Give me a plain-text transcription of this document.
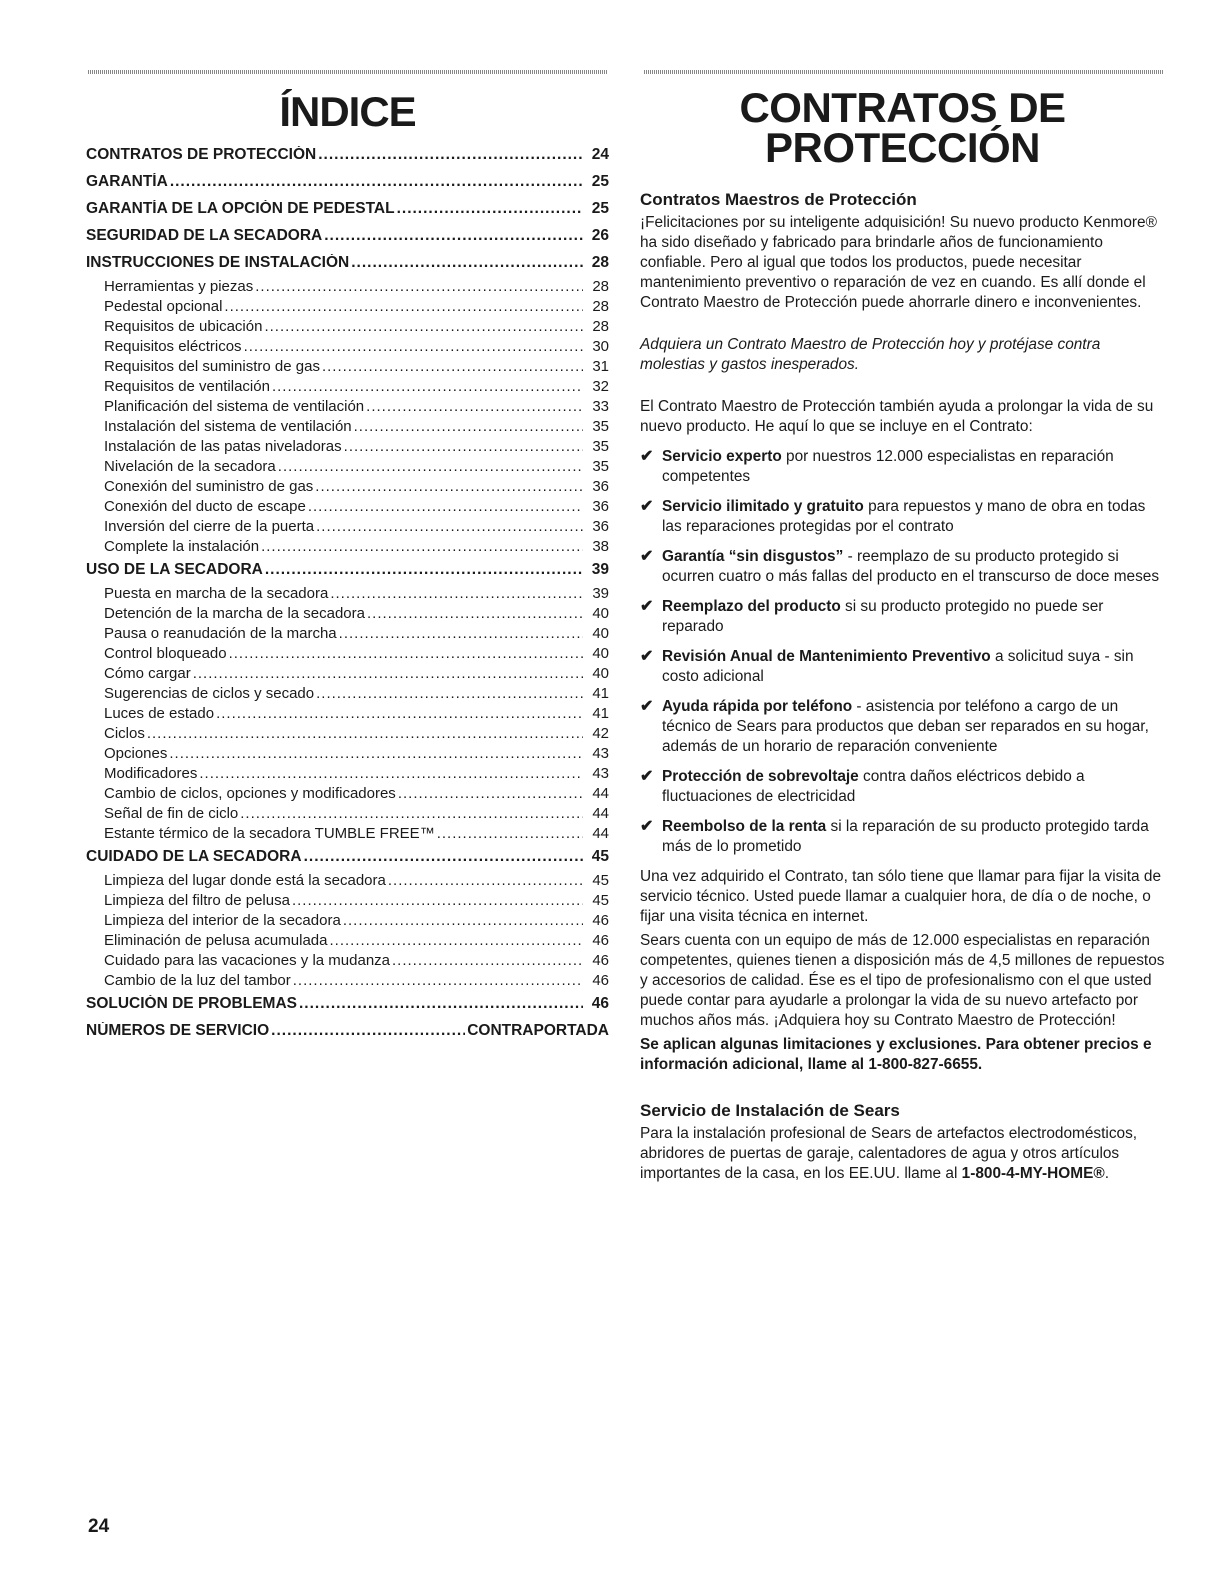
ÍNDICE
CONTRATOS DE PROTECCIÓN .....	24
GARANTÍA .....	25
GARANTÍA DE LA OPCIÓN DE PEDESTAL .....	25
SEGURIDAD DE LA SECADORA .....	26
INSTRUCCIONES DE INSTALACIÓN .....	28
Herramientas y piezas .....	28
Pedestal opcional .....	28
Requisitos de ubicación .....	28
Requisitos eléctricos .....	30
Requisitos del suministro de gas .....	31
Requisitos de ventilación .....	32
Planificación del sistema de ventilación .....	33
Instalación del sistema de ventilación .....	35
Instalación de las patas niveladoras .....	35
Nivelación de la secadora .....	35
Conexión del suministro de gas .....	36
Conexión del ducto de escape .....	36
Inversión del cierre de la puerta .....	36
Complete la instalación .....	38
USO DE LA SECADORA .....	39
Puesta en marcha de la secadora .....	39
Detención de la marcha de la secadora .....	40
Pausa o reanudación de la marcha .....	40
Control bloqueado .....	40
Cómo cargar .....	40
Sugerencias de ciclos y secado .....	41
Luces de estado .....	41
Ciclos .....	42
Opciones .....	43
Modificadores .....	43
Cambio de ciclos, opciones y modificadores .....	44
Señal de fin de ciclo .....	44
Estante térmico de la secadora TUMBLE FREE™ .....	44
CUIDADO DE LA SECADORA .....	45
Limpieza del lugar donde está la secadora .....	45
Limpieza del filtro de pelusa .....	45
Limpieza del interior de la secadora .....	46
Eliminación de pelusa acumulada .....	46
Cuidado para las vacaciones y la mudanza .....	46
Cambio de la luz del tambor .....	46
SOLUCIÓN DE PROBLEMAS .....	46
NÚMEROS DE SERVICIO .....	CONTRAPORTADA
CONTRATOS DE
PROTECCIÓN
Contratos Maestros de Protección

¡Felicitaciones por su inteligente adquisición! Su nuevo producto Kenmore® ha sido diseñado y fabricado para brindarle años de funcionamiento confiable. Pero al igual que todos los productos, puede necesitar mantenimiento preventivo o reparación de vez en cuando. Es allí donde el Contrato Maestro de Protección puede ahorrarle dinero e inconvenientes.

Adquiera un Contrato Maestro de Protección hoy y protéjase contra molestias y gastos inesperados.

El Contrato Maestro de Protección también ayuda a prolongar la vida de su nuevo producto. He aquí lo que se incluye en el Contrato:

✔ Servicio experto por nuestros 12.000 especialistas en reparación competentes
✔ Servicio ilimitado y gratuito para repuestos y mano de obra en todas las reparaciones protegidas por el contrato
✔ Garantía “sin disgustos” - reemplazo de su producto protegido si ocurren cuatro o más fallas del producto en el transcurso de doce meses
✔ Reemplazo del producto si su producto protegido no puede ser reparado
✔ Revisión Anual de Mantenimiento Preventivo a solicitud suya - sin costo adicional
✔ Ayuda rápida por teléfono - asistencia por teléfono a cargo de un técnico de Sears para productos que deban ser reparados en su hogar, además de un horario de reparación conveniente
✔ Protección de sobrevoltaje contra daños eléctricos debido a fluctuaciones de electricidad
✔ Reembolso de la renta si la reparación de su producto protegido tarda más de lo prometido

Una vez adquirido el Contrato, tan sólo tiene que llamar para fijar la visita de servicio técnico. Usted puede llamar a cualquier hora, de día o de noche, o fijar una visita técnica en internet.

Sears cuenta con un equipo de más de 12.000 especialistas en reparación competentes, quienes tienen a disposición más de 4,5 millones de repuestos y accesorios de calidad. Ése es el tipo de profesionalismo con el que usted puede contar para ayudarle a prolongar la vida de su nuevo artefacto por muchos años más. ¡Adquiera hoy su Contrato Maestro de Protección!

Se aplican algunas limitaciones y exclusiones. Para obtener precios e información adicional, llame al 1-800-827-6655.

Servicio de Instalación de Sears

Para la instalación profesional de Sears de artefactos electrodomésticos, abridores de puertas de garaje, calentadores de agua y otros artículos importantes de la casa, en los EE.UU. llame al 1-800-4-MY-HOME®.

24
